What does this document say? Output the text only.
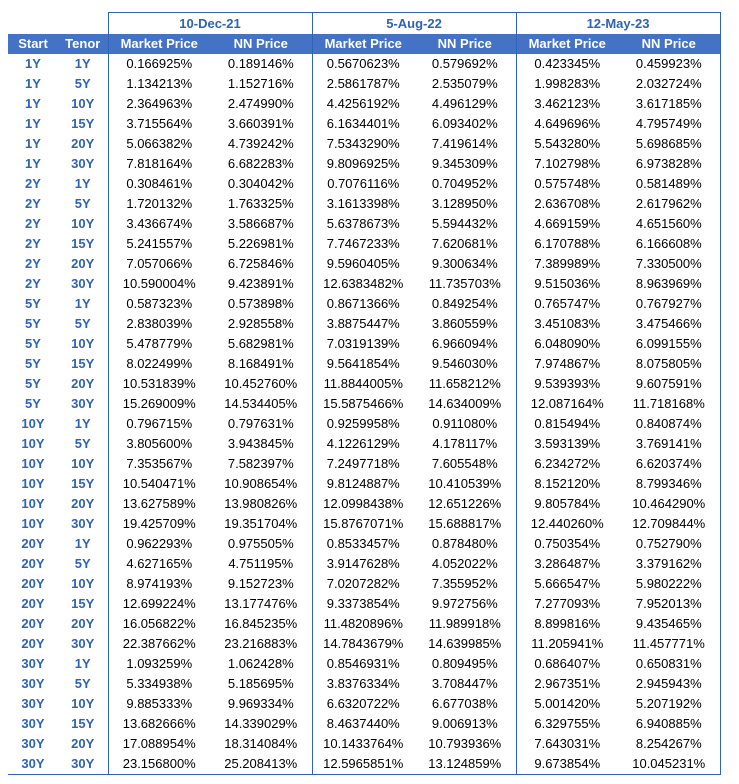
		10-Dec-21		5-Aug-22		12-May-23	
Start	Tenor	Market Price	NN Price	Market Price	NN Price	Market Price	NN Price
1Y	1Y	0.166925%	0.189146%	0.5670623%	0.579692%	0.423345%	0.459923%
1Y	5Y	1.134213%	1.152716%	2.5861787%	2.535079%	1.998283%	2.032724%
1Y	10Y	2.364963%	2.474990%	4.4256192%	4.496129%	3.462123%	3.617185%
1Y	15Y	3.715564%	3.660391%	6.1634401%	6.093402%	4.649696%	4.795749%
1Y	20Y	5.066382%	4.739242%	7.5343290%	7.419614%	5.543280%	5.698685%
1Y	30Y	7.818164%	6.682283%	9.8096925%	9.345309%	7.102798%	6.973828%
2Y	1Y	0.308461%	0.304042%	0.7076116%	0.704952%	0.575748%	0.581489%
2Y	5Y	1.720132%	1.763325%	3.1613398%	3.128950%	2.636708%	2.617962%
2Y	10Y	3.436674%	3.586687%	5.6378673%	5.594432%	4.669159%	4.651560%
2Y	15Y	5.241557%	5.226981%	7.7467233%	7.620681%	6.170788%	6.166608%
2Y	20Y	7.057066%	6.725846%	9.5960405%	9.300634%	7.389989%	7.330500%
2Y	30Y	10.590004%	9.423891%	12.6383482%	11.735703%	9.515036%	8.963969%
5Y	1Y	0.587323%	0.573898%	0.8671366%	0.849254%	0.765747%	0.767927%
5Y	5Y	2.838039%	2.928558%	3.8875447%	3.860559%	3.451083%	3.475466%
5Y	10Y	5.478779%	5.682981%	7.0319139%	6.966094%	6.048090%	6.099155%
5Y	15Y	8.022499%	8.168491%	9.5641854%	9.546030%	7.974867%	8.075805%
5Y	20Y	10.531839%	10.452760%	11.8844005%	11.658212%	9.539393%	9.607591%
5Y	30Y	15.269009%	14.534405%	15.5875466%	14.634009%	12.087164%	11.718168%
10Y	1Y	0.796715%	0.797631%	0.9259958%	0.911080%	0.815494%	0.840874%
10Y	5Y	3.805600%	3.943845%	4.1226129%	4.178117%	3.593139%	3.769141%
10Y	10Y	7.353567%	7.582397%	7.2497718%	7.605548%	6.234272%	6.620374%
10Y	15Y	10.540471%	10.908654%	9.8124887%	10.410539%	8.152120%	8.799346%
10Y	20Y	13.627589%	13.980826%	12.0998438%	12.651226%	9.805784%	10.464290%
10Y	30Y	19.425709%	19.351704%	15.8767071%	15.688817%	12.440260%	12.709844%
20Y	1Y	0.962293%	0.975505%	0.8533457%	0.878480%	0.750354%	0.752790%
20Y	5Y	4.627165%	4.751195%	3.9147628%	4.052022%	3.286487%	3.379162%
20Y	10Y	8.974193%	9.152723%	7.0207282%	7.355952%	5.666547%	5.980222%
20Y	15Y	12.699224%	13.177476%	9.3373854%	9.972756%	7.277093%	7.952013%
20Y	20Y	16.056822%	16.845235%	11.4820896%	11.989918%	8.899816%	9.435465%
20Y	30Y	22.387662%	23.216883%	14.7843679%	14.639985%	11.205941%	11.457771%
30Y	1Y	1.093259%	1.062428%	0.8546931%	0.809495%	0.686407%	0.650831%
30Y	5Y	5.334938%	5.185695%	3.8376334%	3.708447%	2.967351%	2.945943%
30Y	10Y	9.885333%	9.969334%	6.6320722%	6.677038%	5.001420%	5.207192%
30Y	15Y	13.682666%	14.339029%	8.4637440%	9.006913%	6.329755%	6.940885%
30Y	20Y	17.088954%	18.314084%	10.1433764%	10.793936%	7.643031%	8.254267%
30Y	30Y	23.156800%	25.208413%	12.5965851%	13.124859%	9.673854%	10.045231%
